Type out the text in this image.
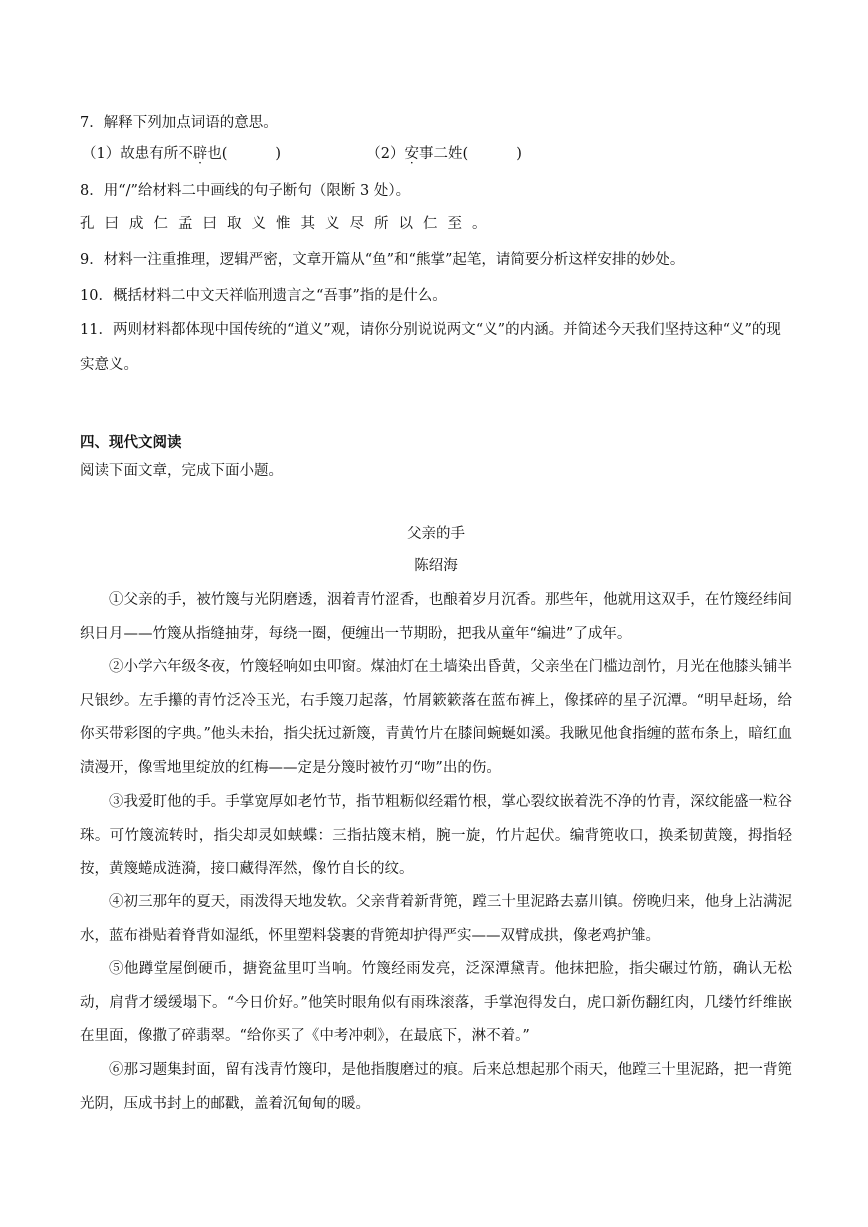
7．解释下列加点词语的意思。
（1）故患有所不辟也(	)	（2）安事二姓(	)
8．用“/”给材料二中画线的句子断句（限断 3 处）。
孔曰成仁孟曰取义惟其义尽所以仁至。
9．材料一注重推理，逻辑严密，文章开篇从“鱼”和“熊掌”起笔，请简要分析这样安排的妙处。
10．概括材料二中文天祥临刑遗言之“吾事”指的是什么。
11．两则材料都体现中国传统的“道义”观，请你分别说说两文“义”的内涵。并简述今天我们坚持这种“义”的现实意义。
四、现代文阅读
阅读下面文章，完成下面小题。
父亲的手
陈绍海
①父亲的手，被竹篾与光阴磨透，洇着青竹涩香，也酿着岁月沉香。那些年，他就用这双手，在竹篾经纬间织日月——竹篾从指缝抽芽，每绕一圈，便缠出一节期盼，把我从童年“编进”了成年。
②小学六年级冬夜，竹篾轻响如虫叩窗。煤油灯在土墙染出昏黄，父亲坐在门槛边剖竹，月光在他膝头铺半尺银纱。左手攥的青竹泛冷玉光，右手篾刀起落，竹屑簌簌落在蓝布裤上，像揉碎的星子沉潭。“明早赶场，给你买带彩图的字典。”他头未抬，指尖抚过新篾，青黄竹片在膝间蜿蜒如溪。我瞅见他食指缠的蓝布条上，暗红血渍漫开，像雪地里绽放的红梅——定是分篾时被竹刃“吻”出的伤。
③我爱盯他的手。手掌宽厚如老竹节，指节粗粝似经霜竹根，掌心裂纹嵌着洗不净的竹青，深纹能盛一粒谷珠。可竹篾流转时，指尖却灵如蛱蝶：三指拈篾末梢，腕一旋，竹片起伏。编背篼收口，换柔韧黄篾，拇指轻按，黄篾蜷成涟漪，接口藏得浑然，像竹自长的纹。
④初三那年的夏天，雨泼得天地发软。父亲背着新背篼，蹚三十里泥路去嘉川镇。傍晚归来，他身上沾满泥水，蓝布褂贴着脊背如湿纸，怀里塑料袋裹的背篼却护得严实——双臂成拱，像老鸡护雏。
⑤他蹲堂屋倒硬币，搪瓷盆里叮当响。竹篾经雨发亮，泛深潭黛青。他抹把脸，指尖碾过竹筋，确认无松动，肩背才缓缓塌下。“今日价好。”他笑时眼角似有雨珠滚落，手掌泡得发白，虎口新伤翻红肉，几缕竹纤维嵌在里面，像撒了碎翡翠。“给你买了《中考冲刺》，在最底下，淋不着。”
⑥那习题集封面，留有浅青竹篾印，是他指腹磨过的痕。后来总想起那个雨天，他蹚三十里泥路，把一背篼光阴，压成书封上的邮戳，盖着沉甸甸的暖。
